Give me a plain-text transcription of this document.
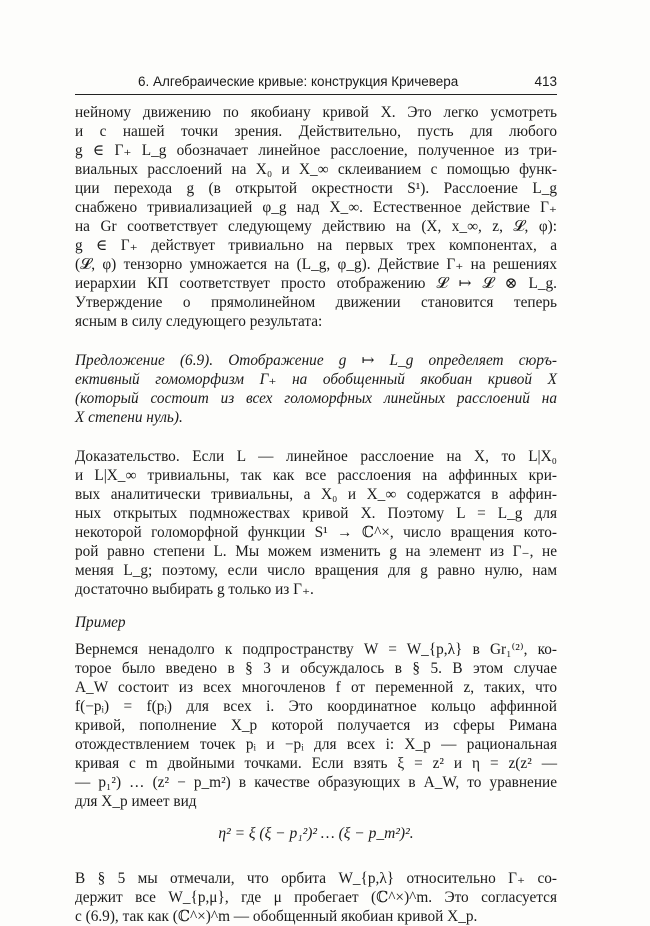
6. Алгебраические кривые: конструкция Кричевера	413
нейному движению по якобиану кривой X. Это легко усмотреть
и с нашей точки зрения. Действительно, пусть для любого
g ∈ Γ₊ L_g обозначает линейное расслоение, полученное из три-
виальных расслоений на X₀ и X_∞ склеиванием с помощью функ-
ции перехода g (в открытой окрестности S¹). Расслоение L_g
снабжено тривиализацией φ_g над X_∞. Естественное действие Γ₊
на Gr соответствует следующему действию на (X, x_∞, z, 𝓛, φ):
g ∈ Γ₊ действует тривиально на первых трех компонентах, а
(𝓛, φ) тензорно умножается на (L_g, φ_g). Действие Γ₊ на решениях
иерархии КП соответствует просто отображению 𝓛 ↦ 𝓛 ⊗ L_g.
Утверждение о прямолинейном движении становится теперь
ясным в силу следующего результата:
Предложение (6.9). Отображение g ↦ L_g определяет сюръ-
ективный гомоморфизм Γ₊ на обобщенный якобиан кривой X
(который состоит из всех голоморфных линейных расслоений на
X степени нуль).
Доказательство. Если L — линейное расслоение на X, то L|X₀
и L|X_∞ тривиальны, так как все расслоения на аффинных кри-
вых аналитически тривиальны, а X₀ и X_∞ содержатся в аффин-
ных открытых подмножествах кривой X. Поэтому L = L_g для
некоторой голоморфной функции S¹ → ℂ^×, число вращения кото-
рой равно степени L. Мы можем изменить g на элемент из Γ₋, не
меняя L_g; поэтому, если число вращения для g равно нулю, нам
достаточно выбирать g только из Γ₊.
Пример
Вернемся ненадолго к подпространству W = W_{p,λ} в Gr₁⁽²⁾, ко-
торое было введено в § 3 и обсуждалось в § 5. В этом случае
A_W состоит из всех многочленов f от переменной z, таких, что
f(−pᵢ) = f(pᵢ) для всех i. Это координатное кольцо аффинной
кривой, пополнение X_p которой получается из сферы Римана
отождествлением точек pᵢ и −pᵢ для всех i: X_p — рациональная
кривая с m двойными точками. Если взять ξ = z² и η = z(z² —
— p₁²) … (z² − p_m²) в качестве образующих в A_W, то уравнение
для X_p имеет вид
η² = ξ (ξ − p₁²)² … (ξ − p_m²)².
В § 5 мы отмечали, что орбита W_{p,λ} относительно Γ₊ со-
держит все W_{p,μ}, где μ пробегает (ℂ^×)^m. Это согласуется
с (6.9), так как (ℂ^×)^m — обобщенный якобиан кривой X_p.
